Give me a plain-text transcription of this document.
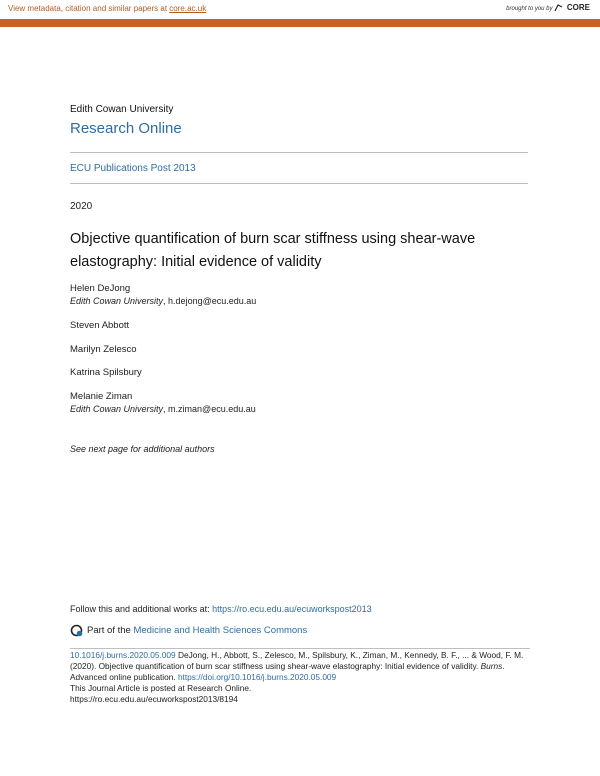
View metadata, citation and similar papers at core.ac.uk	brought to you by CORE
provided by Research Online @ ECU
Edith Cowan University
Research Online
ECU Publications Post 2013
2020
Objective quantification of burn scar stiffness using shear-wave elastography: Initial evidence of validity
Helen DeJong
Edith Cowan University, h.dejong@ecu.edu.au
Steven Abbott
Marilyn Zelesco
Katrina Spilsbury
Melanie Ziman
Edith Cowan University, m.ziman@ecu.edu.au
See next page for additional authors
Follow this and additional works at: https://ro.ecu.edu.au/ecuworkspost2013
Part of the Medicine and Health Sciences Commons
10.1016/j.burns.2020.05.009 DeJong, H., Abbott, S., Zelesco, M., Spilsbury, K., Ziman, M., Kennedy, B. F., ... & Wood, F. M. (2020). Objective quantification of burn scar stiffness using shear-wave elastography: Initial evidence of validity. Burns. Advanced online publication. https://doi.org/10.1016/j.burns.2020.05.009
This Journal Article is posted at Research Online.
https://ro.ecu.edu.au/ecuworkspost2013/8194
